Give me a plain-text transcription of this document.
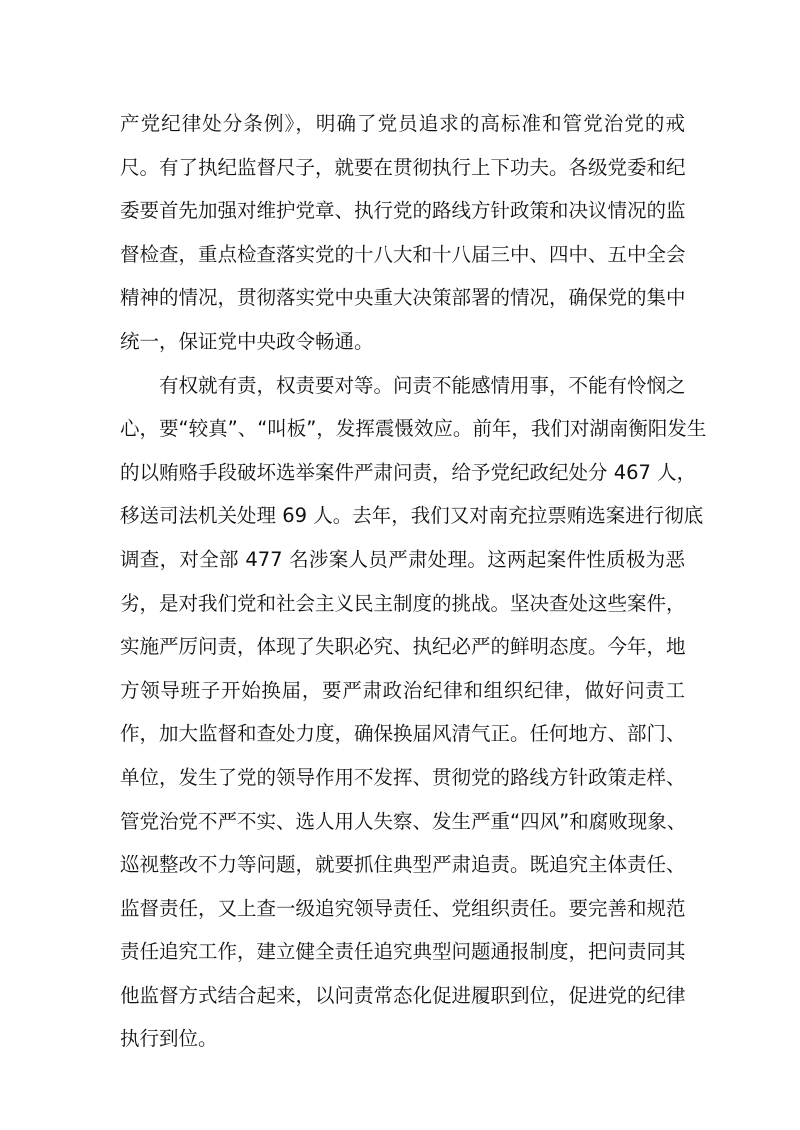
产党纪律处分条例》，明确了党员追求的高标准和管党治党的戒
尺。有了执纪监督尺子，就要在贯彻执行上下功夫。各级党委和纪
委要首先加强对维护党章、执行党的路线方针政策和决议情况的监
督检查，重点检查落实党的十八大和十八届三中、四中、五中全会
精神的情况，贯彻落实党中央重大决策部署的情况，确保党的集中
统一，保证党中央政令畅通。
　　有权就有责，权责要对等。问责不能感情用事，不能有怜悯之
心，要“较真”、“叫板”，发挥震慑效应。前年，我们对湖南衡阳发生
的以贿赂手段破坏选举案件严肃问责，给予党纪政纪处分 467 人，
移送司法机关处理 69 人。去年，我们又对南充拉票贿选案进行彻底
调查，对全部 477 名涉案人员严肃处理。这两起案件性质极为恶
劣，是对我们党和社会主义民主制度的挑战。坚决查处这些案件，
实施严厉问责，体现了失职必究、执纪必严的鲜明态度。今年，地
方领导班子开始换届，要严肃政治纪律和组织纪律，做好问责工
作，加大监督和查处力度，确保换届风清气正。任何地方、部门、
单位，发生了党的领导作用不发挥、贯彻党的路线方针政策走样、
管党治党不严不实、选人用人失察、发生严重“四风”和腐败现象、
巡视整改不力等问题，就要抓住典型严肃追责。既追究主体责任、
监督责任，又上查一级追究领导责任、党组织责任。要完善和规范
责任追究工作，建立健全责任追究典型问题通报制度，把问责同其
他监督方式结合起来，以问责常态化促进履职到位，促进党的纪律
执行到位。
